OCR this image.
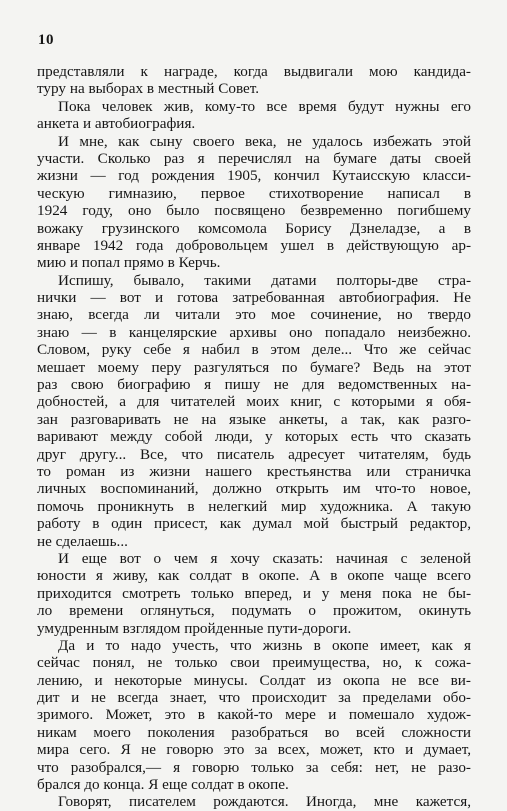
10
представляли к награде, когда выдвигали мою кандида-
туру на выборах в местный Совет.
Пока человек жив, кому-то все время будут нужны его
анкета и автобиография.
И мне, как сыну своего века, не удалось избежать этой
участи. Сколько раз я перечислял на бумаге даты своей
жизни — год рождения 1905, кончил Кутаисскую класси-
ческую гимназию, первое стихотворение написал в
1924 году, оно было посвящено безвременно погибшему
вожаку грузинского комсомола Борису Дзнеладзе, а в
январе 1942 года добровольцем ушел в действующую ар-
мию и попал прямо в Керчь.
Испишу, бывало, такими датами полторы-две стра-
нички — вот и готова затребованная автобиография. Не
знаю, всегда ли читали это мое сочинение, но твердо
знаю — в канцелярские архивы оно попадало неизбежно.
Словом, руку себе я набил в этом деле... Что же сейчас
мешает моему перу разгуляться по бумаге? Ведь на этот
раз свою биографию я пишу не для ведомственных на-
добностей, а для читателей моих книг, с которыми я обя-
зан разговаривать не на языке анкеты, а так, как разго-
варивают между собой люди, у которых есть что сказать
друг другу... Все, что писатель адресует читателям, будь
то роман из жизни нашего крестьянства или страничка
личных воспоминаний, должно открыть им что-то новое,
помочь проникнуть в нелегкий мир художника. А такую
работу в один присест, как думал мой быстрый редактор,
не сделаешь...
И еще вот о чем я хочу сказать: начиная с зеленой
юности я живу, как солдат в окопе. А в окопе чаще всего
приходится смотреть только вперед, и у меня пока не бы-
ло времени оглянуться, подумать о прожитом, окинуть
умудренным взглядом пройденные пути-дороги.
Да и то надо учесть, что жизнь в окопе имеет, как я
сейчас понял, не только свои преимущества, но, к сожа-
лению, и некоторые минусы. Солдат из окопа не все ви-
дит и не всегда знает, что происходит за пределами обо-
зримого. Может, это в какой-то мере и помешало худож-
никам моего поколения разобраться во всей сложности
мира сего. Я не говорю это за всех, может, кто и думает,
что разобрался,— я говорю только за себя: нет, не разо-
брался до конца. Я еще солдат в окопе.
Говорят, писателем рождаются. Иногда, мне кажется,
